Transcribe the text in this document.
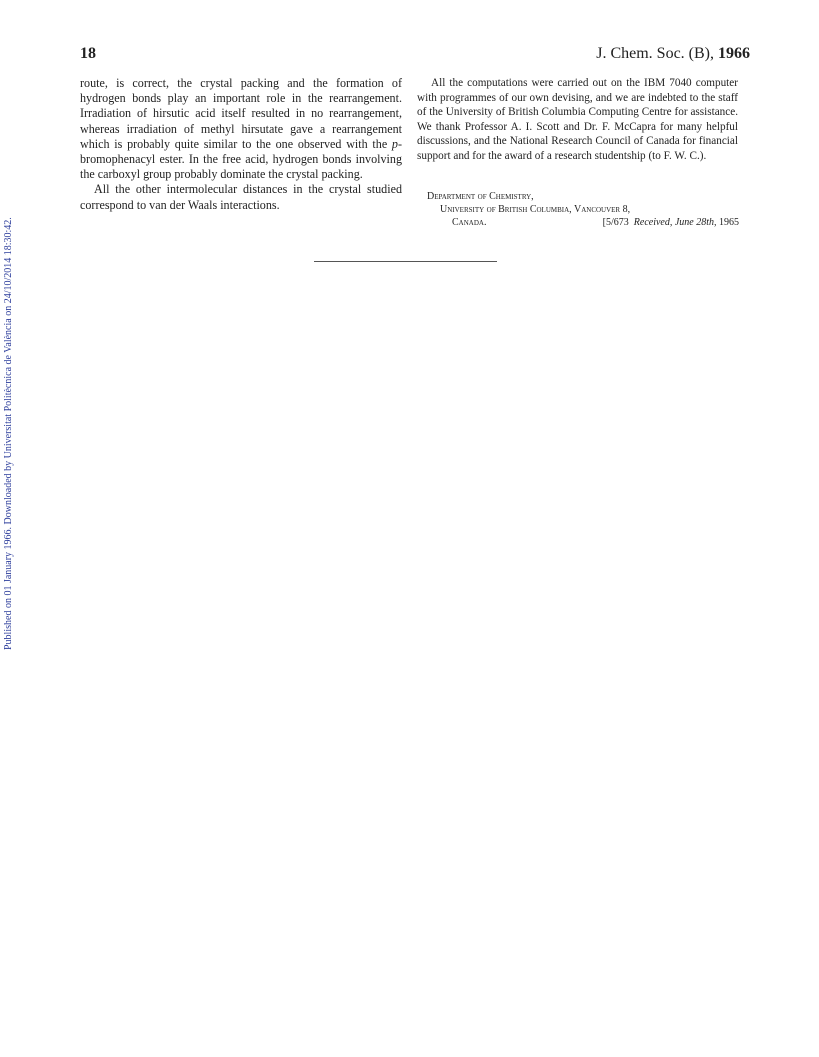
Published on 01 January 1966. Downloaded by Universitat Politècnica de València on 24/10/2014 18:30:42.
18	J. Chem. Soc. (B), 1966

route, is correct, the crystal packing and the formation of hydrogen bonds play an important role in the rearrangement. Irradiation of hirsutic acid itself resulted in no rearrangement, whereas irradiation of methyl hirsutate gave a rearrangement which is probably quite similar to the one observed with the p-bromophenacyl ester. In the free acid, hydrogen bonds involving the carboxyl group probably dominate the crystal packing.

All the other intermolecular distances in the crystal studied correspond to van der Waals interactions.

All the computations were carried out on the IBM 7040 computer with programmes of our own devising, and we are indebted to the staff of the University of British Columbia Computing Centre for assistance. We thank Professor A. I. Scott and Dr. F. McCapra for many helpful discussions, and the National Research Council of Canada for financial support and for the award of a research studentship (to F. W. C.).

Department of Chemistry,
University of British Columbia, Vancouver 8,
Canada.	[5/673 Received, June 28th, 1965
